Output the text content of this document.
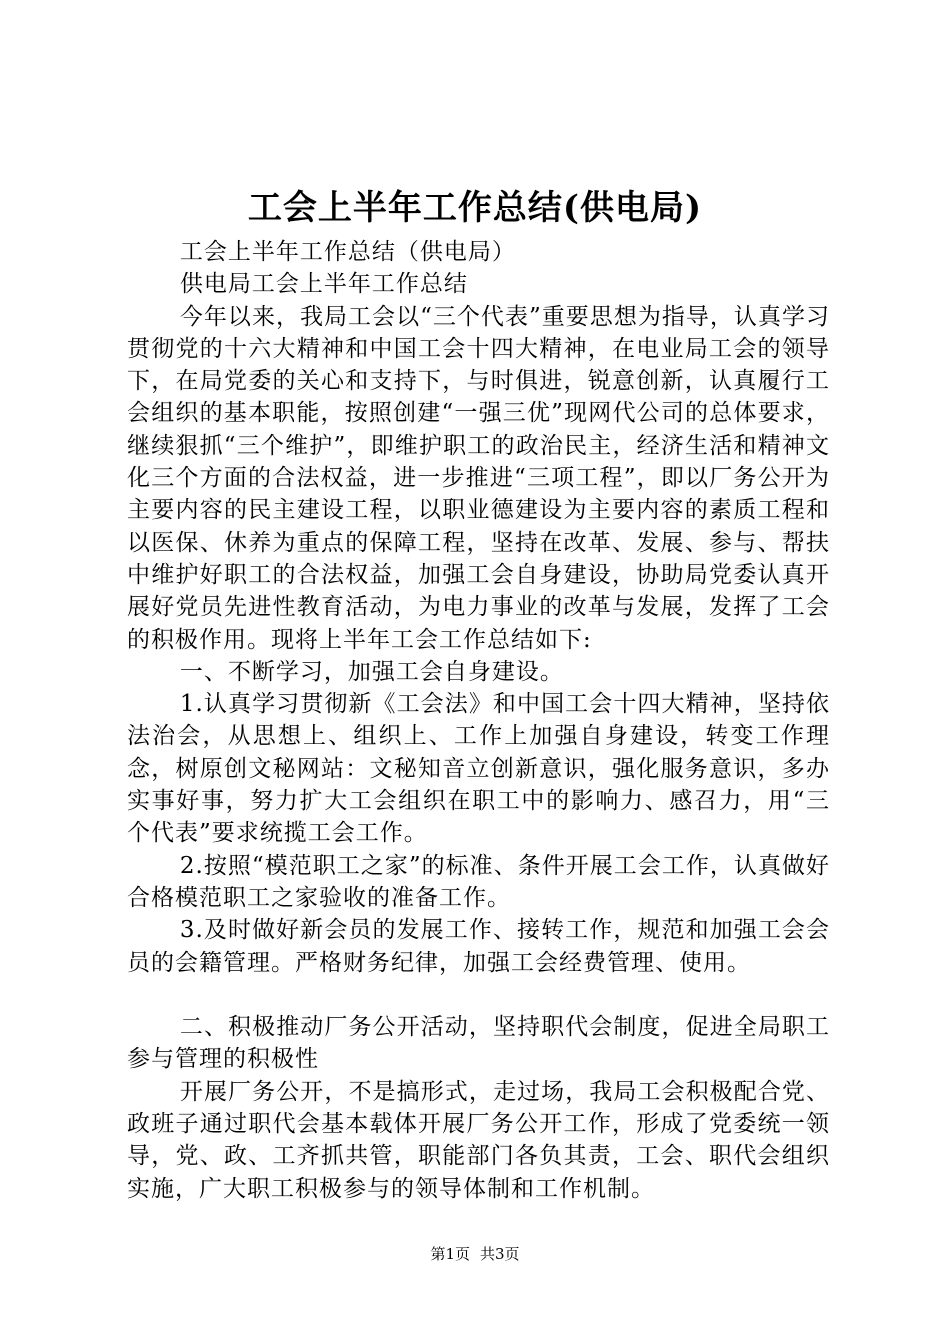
工会上半年工作总结(供电局)

工会上半年工作总结（供电局）

供电局工会上半年工作总结

今年以来，我局工会以“三个代表”重要思想为指导，认真学习贯彻党的十六大精神和中国工会十四大精神，在电业局工会的领导下，在局党委的关心和支持下，与时俱进，锐意创新，认真履行工会组织的基本职能，按照创建“一强三优”现网代公司的总体要求，继续狠抓“三个维护”，即维护职工的政治民主，经济生活和精神文化三个方面的合法权益，进一步推进“三项工程”，即以厂务公开为主要内容的民主建设工程，以职业德建设为主要内容的素质工程和以医保、休养为重点的保障工程，坚持在改革、发展、参与、帮扶中维护好职工的合法权益，加强工会自身建设，协助局党委认真开展好党员先进性教育活动，为电力事业的改革与发展，发挥了工会的积极作用。现将上半年工会工作总结如下:

一、不断学习，加强工会自身建设。

1.认真学习贯彻新《工会法》和中国工会十四大精神，坚持依法治会，从思想上、组织上、工作上加强自身建设，转变工作理念，树原创文秘网站：文秘知音立创新意识，强化服务意识，多办实事好事，努力扩大工会组织在职工中的影响力、感召力，用“三个代表”要求统揽工会工作。

2.按照“模范职工之家”的标准、条件开展工会工作，认真做好合格模范职工之家验收的准备工作。

3.及时做好新会员的发展工作、接转工作，规范和加强工会会员的会籍管理。严格财务纪律，加强工会经费管理、使用。

二、积极推动厂务公开活动，坚持职代会制度，促进全局职工参与管理的积极性

开展厂务公开，不是搞形式，走过场，我局工会积极配合党、政班子通过职代会基本载体开展厂务公开工作，形成了党委统一领导，党、政、工齐抓共管，职能部门各负其责，工会、职代会组织实施，广大职工积极参与的领导体制和工作机制。

第1页 共3页
